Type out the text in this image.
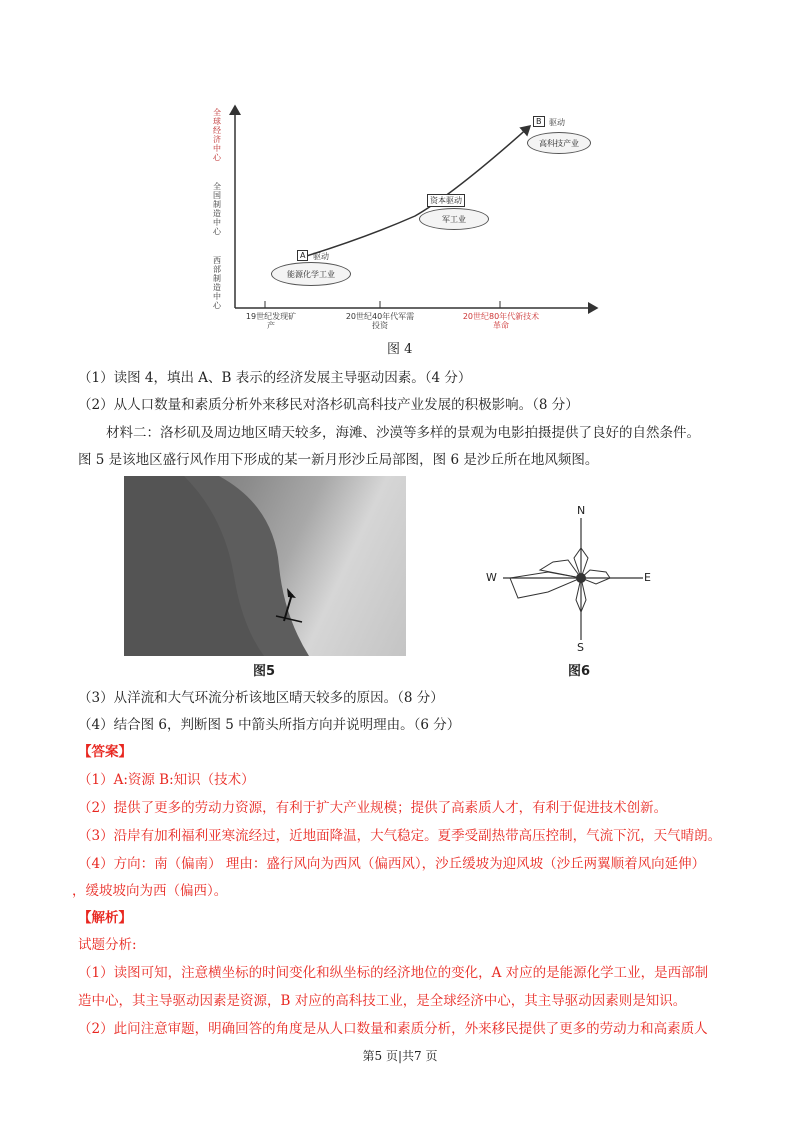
全球经济中心
全国制造中心
西部制造中心
19世纪发现矿产
20世纪40年代军需投资
20世纪80年代新技术革命
A 驱动
能源化学工业
资本驱动
军工业
B 驱动
高科技产业
图 4
（1）读图 4，填出 A、B 表示的经济发展主导驱动因素。（4 分）
（2）从人口数量和素质分析外来移民对洛杉矶高科技产业发展的积极影响。（8 分）
材料二：洛杉矶及周边地区晴天较多，海滩、沙漠等多样的景观为电影拍摄提供了良好的自然条件。
图 5 是该地区盛行风作用下形成的某一新月形沙丘局部图，图 6 是沙丘所在地风频图。
图5
N
S
W	E
图6
（3）从洋流和大气环流分析该地区晴天较多的原因。（8 分）
（4）结合图 6，判断图 5 中箭头所指方向并说明理由。（6 分）
【答案】
（1）A:资源 B:知识（技术）
（2）提供了更多的劳动力资源，有利于扩大产业规模；提供了高素质人才，有利于促进技术创新。
（3）沿岸有加利福利亚寒流经过，近地面降温，大气稳定。夏季受副热带高压控制，气流下沉，天气晴朗。
（4）方向：南（偏南） 理由：盛行风向为西风（偏西风），沙丘缓坡为迎风坡（沙丘两翼顺着风向延伸）
，缓坡坡向为西（偏西）。
【解析】
试题分析:
（1）读图可知，注意横坐标的时间变化和纵坐标的经济地位的变化，A 对应的是能源化学工业，是西部制
造中心，其主导驱动因素是资源，B 对应的高科技工业，是全球经济中心，其主导驱动因素则是知识。
（2）此问注意审题，明确回答的角度是从人口数量和素质分析，外来移民提供了更多的劳动力和高素质人
第5 页|共7 页
